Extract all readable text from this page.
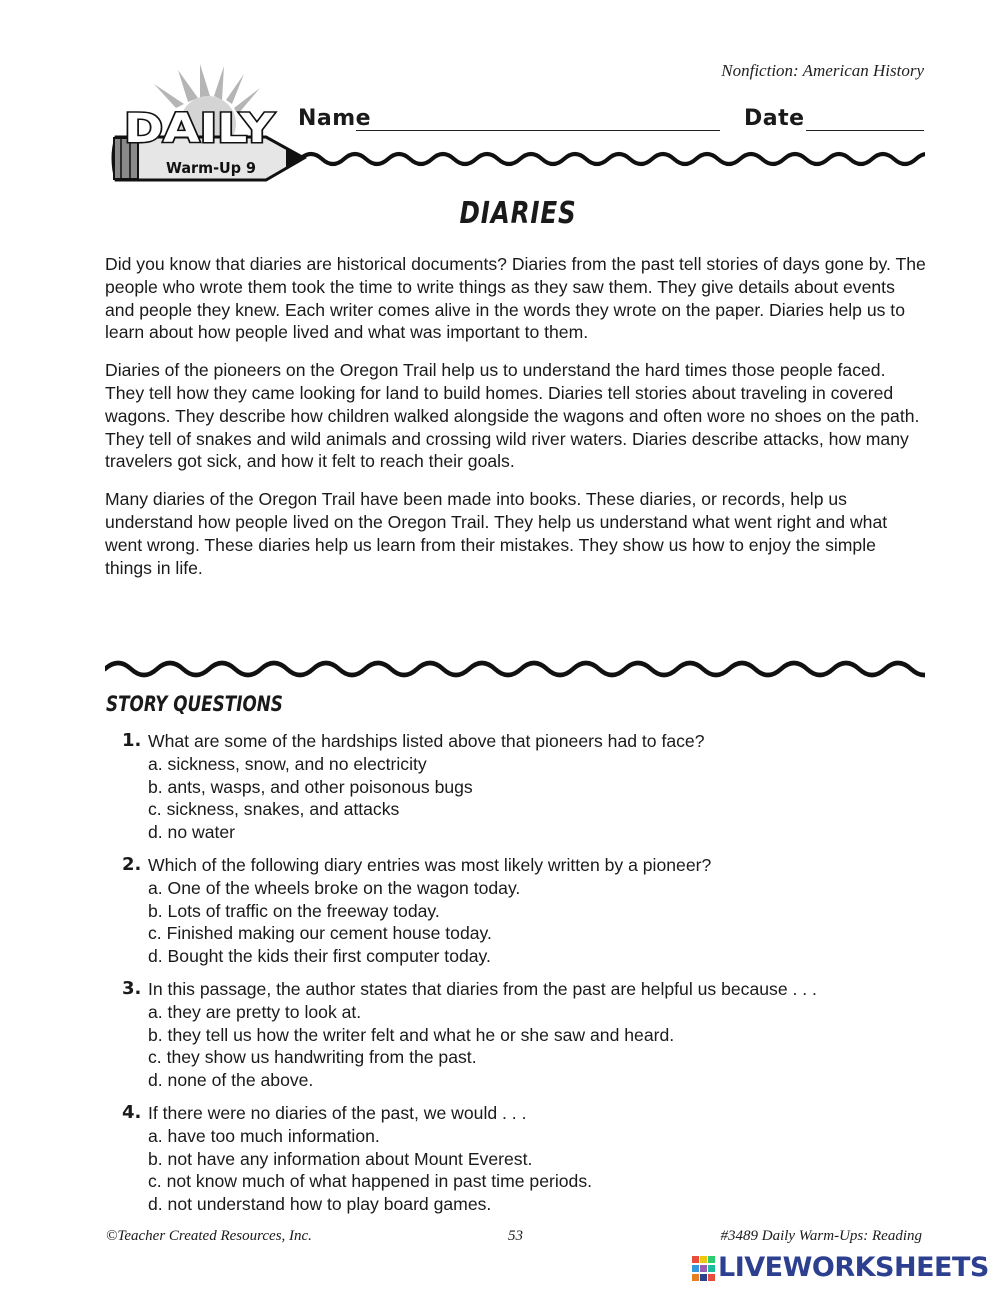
Nonfiction: American History
DAILY
Warm-Up 9
Name	Date
DIARIES

Did you know that diaries are historical documents? Diaries from the past tell stories of days gone by. The people who wrote them took the time to write things as they saw them. They give details about events and people they knew. Each writer comes alive in the words they wrote on the paper. Diaries help us to learn about how people lived and what was important to them.

Diaries of the pioneers on the Oregon Trail help us to understand the hard times those people faced. They tell how they came looking for land to build homes. Diaries tell stories about traveling in covered wagons. They describe how children walked alongside the wagons and often wore no shoes on the path. They tell of snakes and wild animals and crossing wild river waters. Diaries describe attacks, how many travelers got sick, and how it felt to reach their goals.

Many diaries of the Oregon Trail have been made into books. These diaries, or records, help us understand how people lived on the Oregon Trail. They help us understand what went right and what went wrong. These diaries help us learn from their mistakes. They show us how to enjoy the simple things in life.

STORY QUESTIONS
1. What are some of the hardships listed above that pioneers had to face?
a. sickness, snow, and no electricity
b. ants, wasps, and other poisonous bugs
c. sickness, snakes, and attacks
d. no water
2. Which of the following diary entries was most likely written by a pioneer?
a. One of the wheels broke on the wagon today.
b. Lots of traffic on the freeway today.
c. Finished making our cement house today.
d. Bought the kids their first computer today.
3. In this passage, the author states that diaries from the past are helpful us because . . .
a. they are pretty to look at.
b. they tell us how the writer felt and what he or she saw and heard.
c. they show us handwriting from the past.
d. none of the above.
4. If there were no diaries of the past, we would . . .
a. have too much information.
b. not have any information about Mount Everest.
c. not know much of what happened in past time periods.
d. not understand how to play board games.
©Teacher Created Resources, Inc.	53	#3489 Daily Warm-Ups: Reading
LIVEWORKSHEETS
